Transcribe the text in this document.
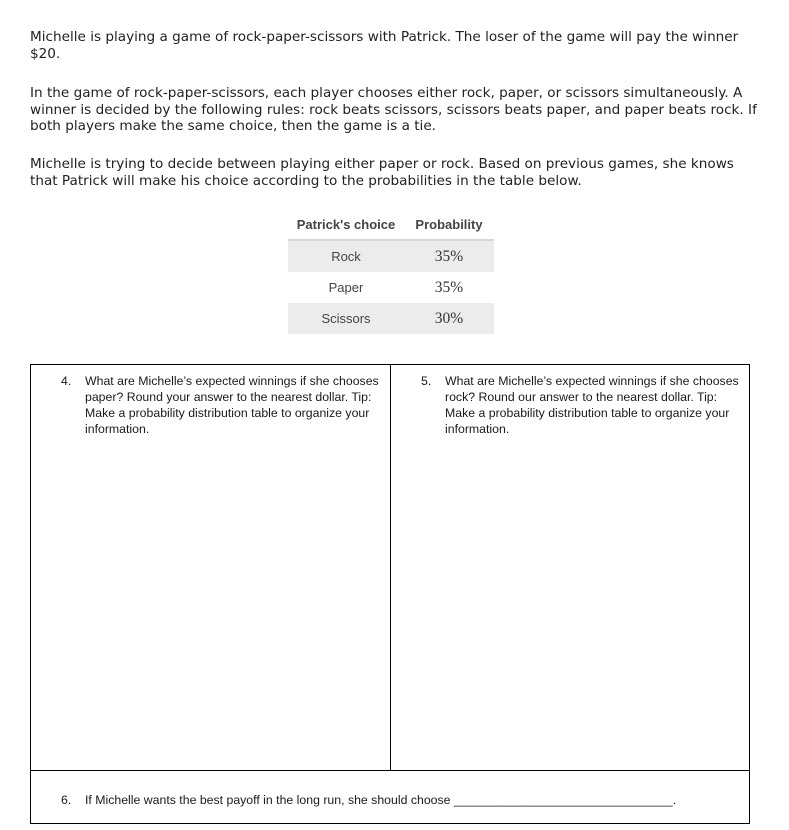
Michelle is playing a game of rock-paper-scissors with Patrick. The loser of the game will pay the winner $20.

In the game of rock-paper-scissors, each player chooses either rock, paper, or scissors simultaneously. A winner is decided by the following rules: rock beats scissors, scissors beats paper, and paper beats rock. If both players make the same choice, then the game is a tie.

Michelle is trying to decide between playing either paper or rock. Based on previous games, she knows that Patrick will make his choice according to the probabilities in the table below.

Patrick's choice	Probability
Rock	35%
Paper	35%
Scissors	30%
4. What are Michelle’s expected winnings if she chooses paper? Round your answer to the nearest dollar. Tip: Make a probability distribution table to organize your information.
5. What are Michelle’s expected winnings if she chooses rock? Round our answer to the nearest dollar. Tip: Make a probability distribution table to organize your information.
6. If Michelle wants the best payoff in the long run, she should choose ________________________________.
